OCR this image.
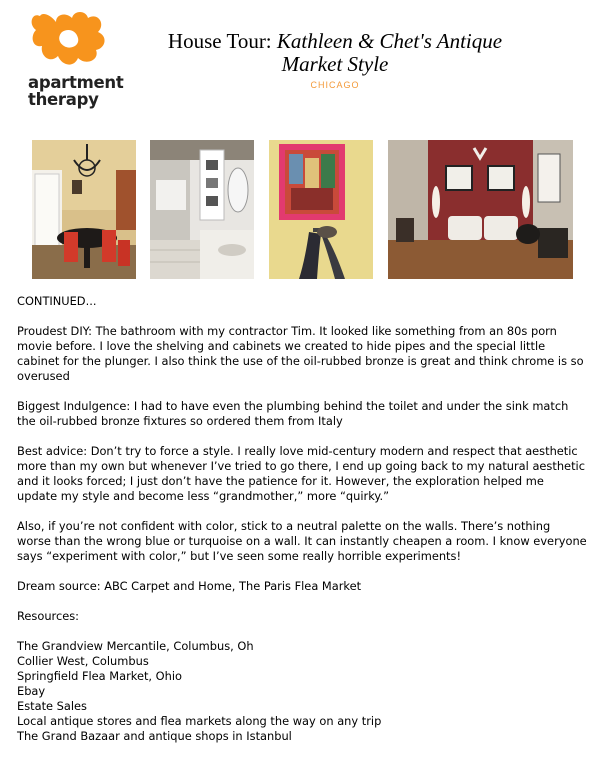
apartment
therapy
House Tour: Kathleen & Chet's Antique
Market Style
CHICAGO

CONTINUED...

Proudest DIY: The bathroom with my contractor Tim. It looked like something from an 80s porn movie before. I love the shelving and cabinets we created to hide pipes and the special little cabinet for the plunger. I also think the use of the oil-rubbed bronze is great and think chrome is so overused

Biggest Indulgence: I had to have even the plumbing behind the toilet and under the sink match the oil-rubbed bronze fixtures so ordered them from Italy

Best advice: Don’t try to force a style. I really love mid-century modern and respect that aesthetic more than my own but whenever I’ve tried to go there, I end up going back to my natural aesthetic and it looks forced; I just don’t have the patience for it. However, the exploration helped me update my style and become less “grandmother,” more “quirky.”

Also, if you’re not confident with color, stick to a neutral palette on the walls. There’s nothing worse than the wrong blue or turquoise on a wall. It can instantly cheapen a room. I know everyone says “experiment with color,” but I’ve seen some really horrible experiments!

Dream source: ABC Carpet and Home, The Paris Flea Market

Resources:

The Grandview Mercantile, Columbus, Oh
Collier West, Columbus
Springfield Flea Market, Ohio
Ebay
Estate Sales
Local antique stores and flea markets along the way on any trip
The Grand Bazaar and antique shops in Istanbul
